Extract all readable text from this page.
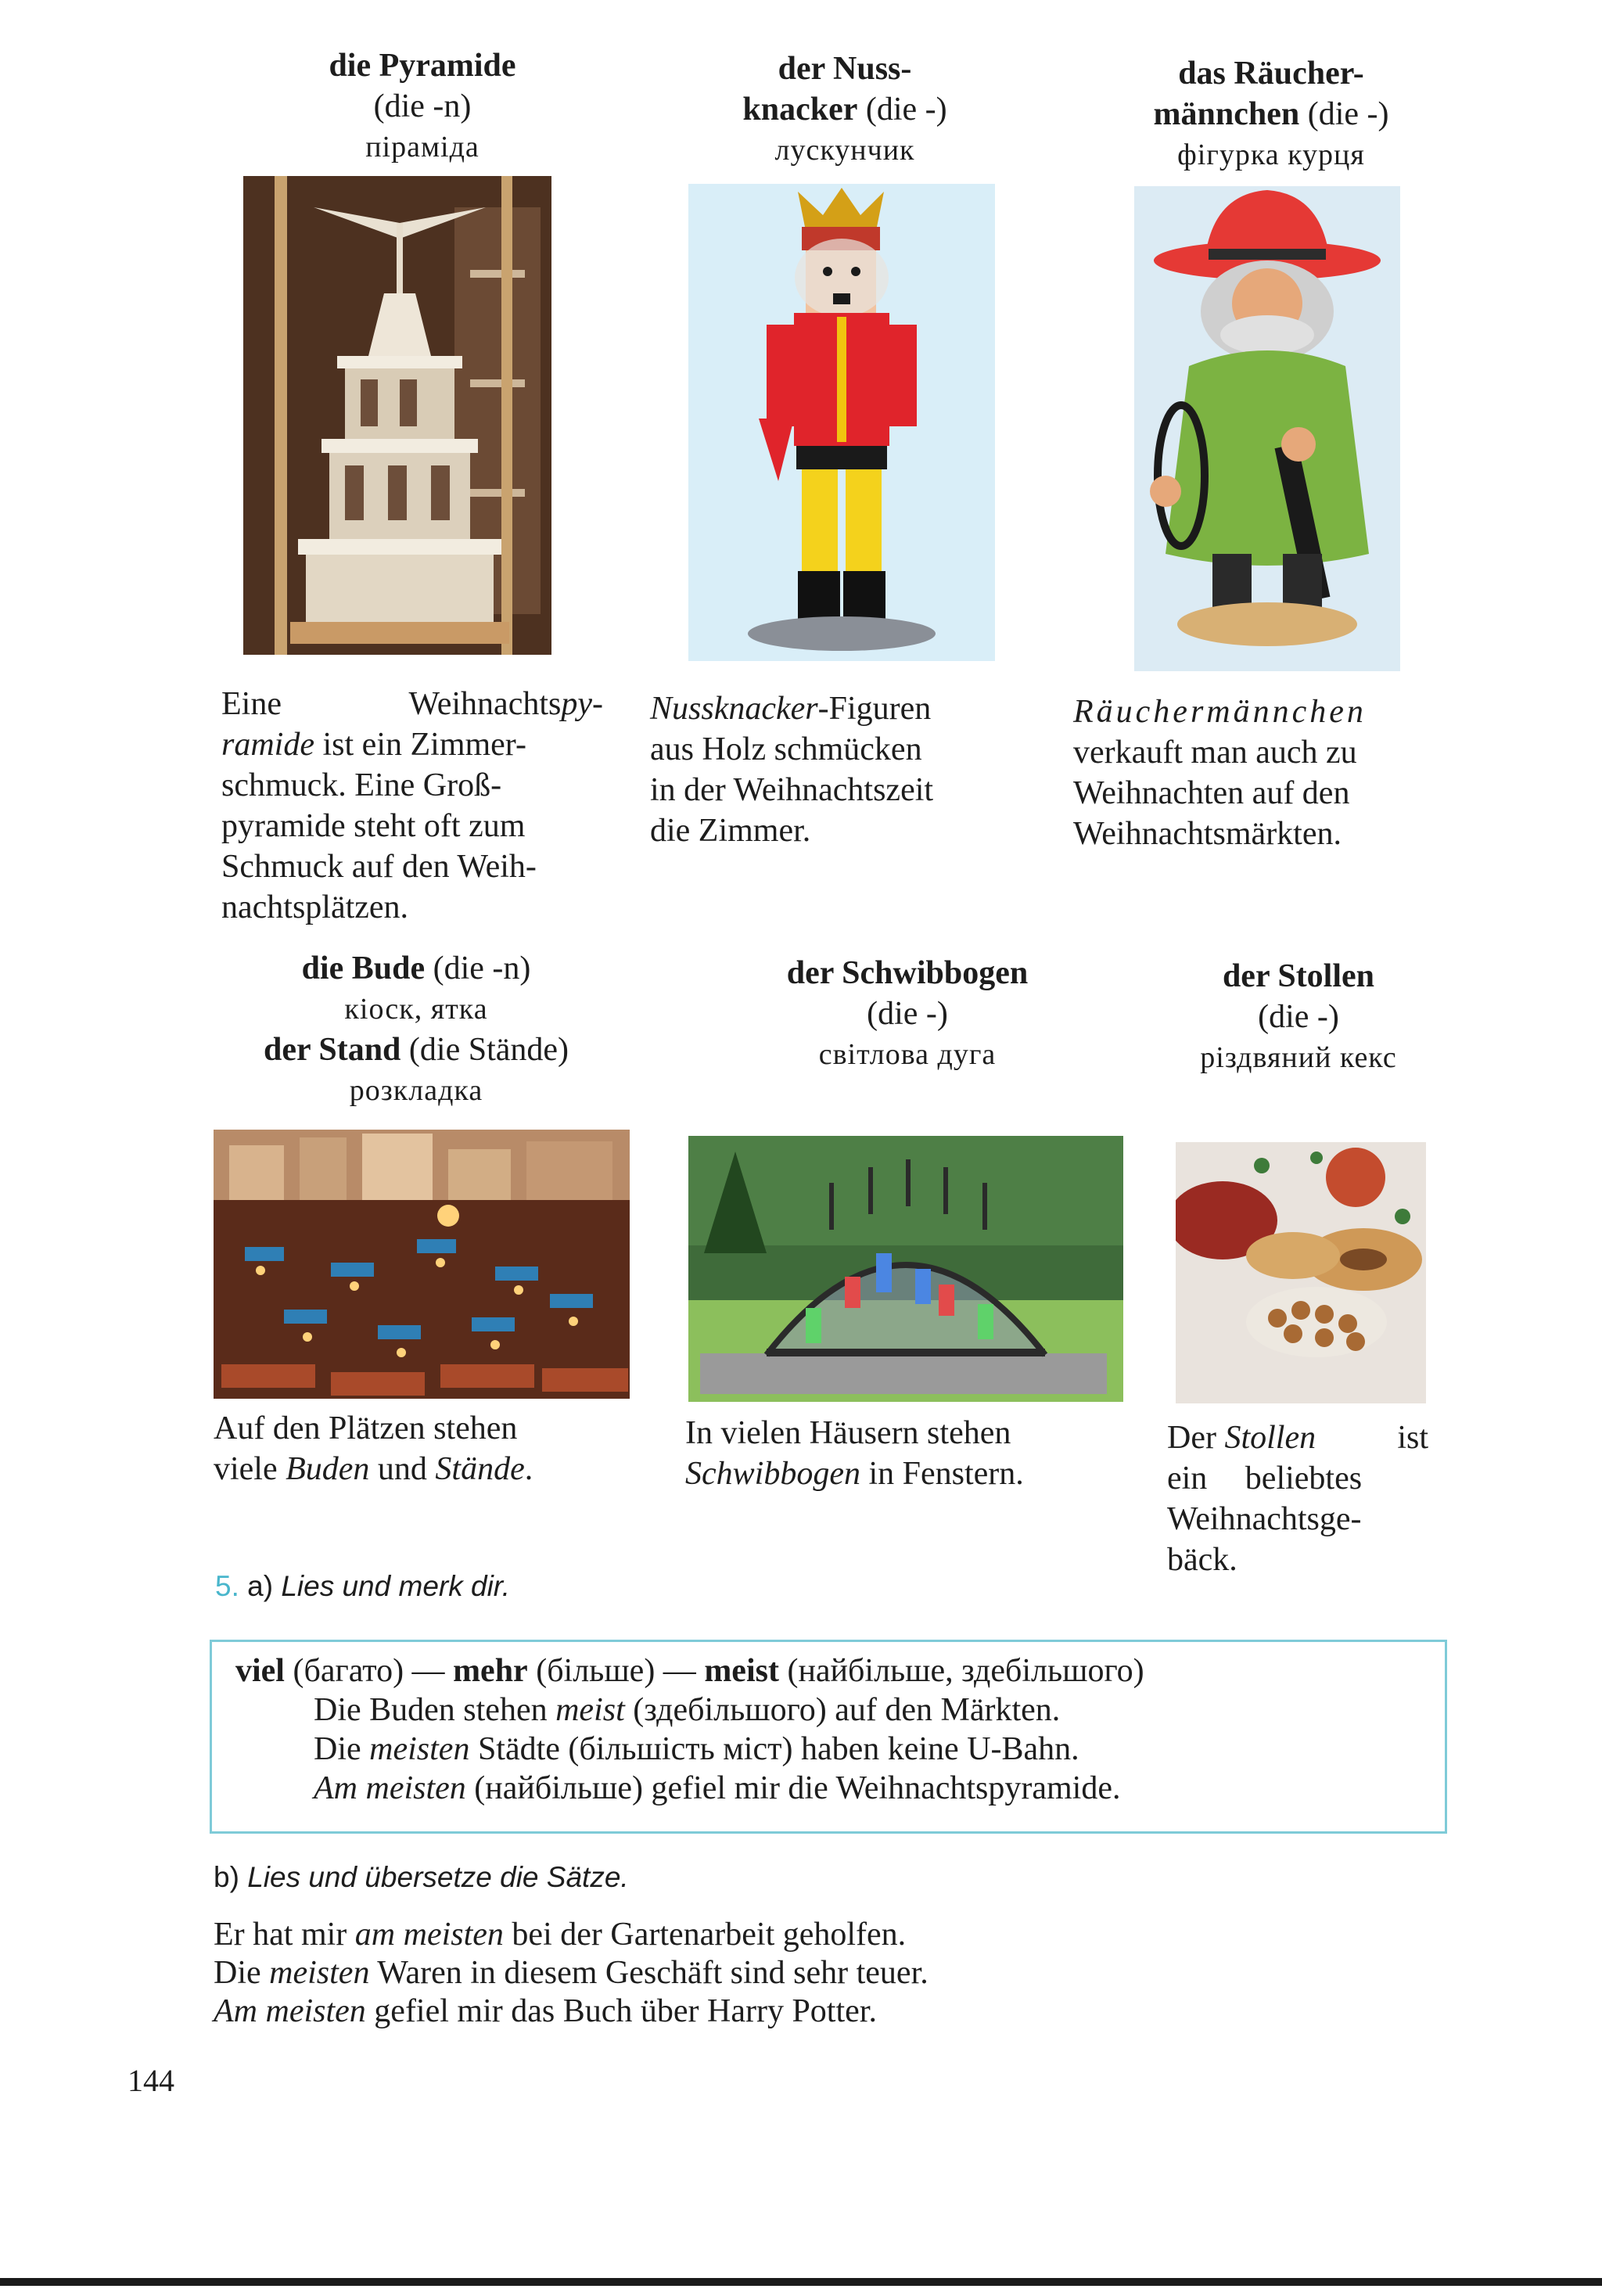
die Pyramide
(die -n)
піраміда
der Nuss-
knacker (die -)
лускунчик
das Räucher-
männchen (die -)
фігурка курця
Eine	Weihnachtspy-
ramide ist ein Zimmer-
schmuck. Eine Groß-
pyramide steht oft zum
Schmuck auf den Weih-
nachtsplätzen.
Nussknacker-Figuren
aus Holz schmücken
in der Weihnachtszeit
die Zimmer.
Räuchermännchen
verkauft man auch zu
Weihnachten auf den
Weihnachtsmärkten.
die Bude (die -n)
кіоск, ятка
der Stand (die Stände)
розкладка
der Schwibbogen
(die -)
світлова дуга
der Stollen
(die -)
різдвяний кекс
Auf den Plätzen stehen
viele Buden und Stände.
In vielen Häusern stehen
Schwibbogen in Fenstern.
Der Stollen ist
ein beliebtes
Weihnachtsge-
bäck.
5. a) Lies und merk dir.
viel (багато) — mehr (більше) — meist (найбільше, здебільшого)
Die Buden stehen meist (здебільшого) auf den Märkten.
Die meisten Städte (більшість міст) haben keine U-Bahn.
Am meisten (найбільше) gefiel mir die Weihnachtspyramide.
b) Lies und übersetze die Sätze.
Er hat mir am meisten bei der Gartenarbeit geholfen.
Die meisten Waren in diesem Geschäft sind sehr teuer.
Am meisten gefiel mir das Buch über Harry Potter.
144
